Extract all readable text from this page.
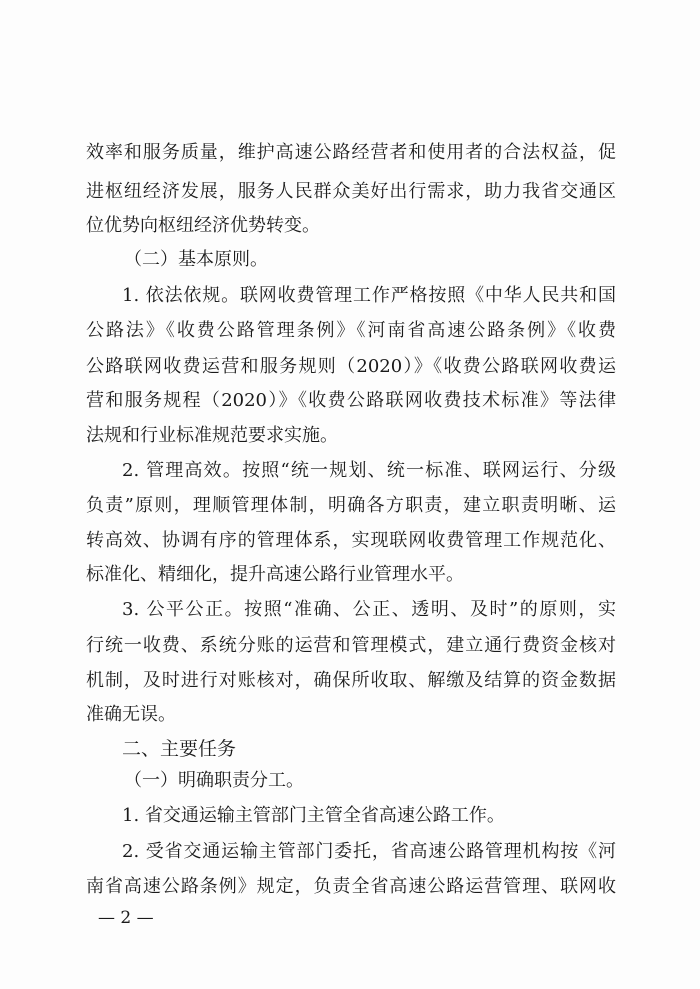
效率和服务质量，维护高速公路经营者和使用者的合法权益，促
进枢纽经济发展，服务人民群众美好出行需求，助力我省交通区
位优势向枢纽经济优势转变。
（二）基本原则。
1. 依法依规。联网收费管理工作严格按照《中华人民共和国
公路法》《收费公路管理条例》《河南省高速公路条例》《收费
公路联网收费运营和服务规则（2020）》《收费公路联网收费运
营和服务规程（2020）》《收费公路联网收费技术标准》等法律
法规和行业标准规范要求实施。
2. 管理高效。按照“统一规划、统一标准、联网运行、分级
负责”原则，理顺管理体制，明确各方职责，建立职责明晰、运
转高效、协调有序的管理体系，实现联网收费管理工作规范化、
标准化、精细化，提升高速公路行业管理水平。
3. 公平公正。按照“准确、公正、透明、及时”的原则，实
行统一收费、系统分账的运营和管理模式，建立通行费资金核对
机制，及时进行对账核对，确保所收取、解缴及结算的资金数据
准确无误。
二、主要任务
（一）明确职责分工。
1. 省交通运输主管部门主管全省高速公路工作。
2. 受省交通运输主管部门委托，省高速公路管理机构按《河
南省高速公路条例》规定，负责全省高速公路运营管理、联网收
— 2 —
